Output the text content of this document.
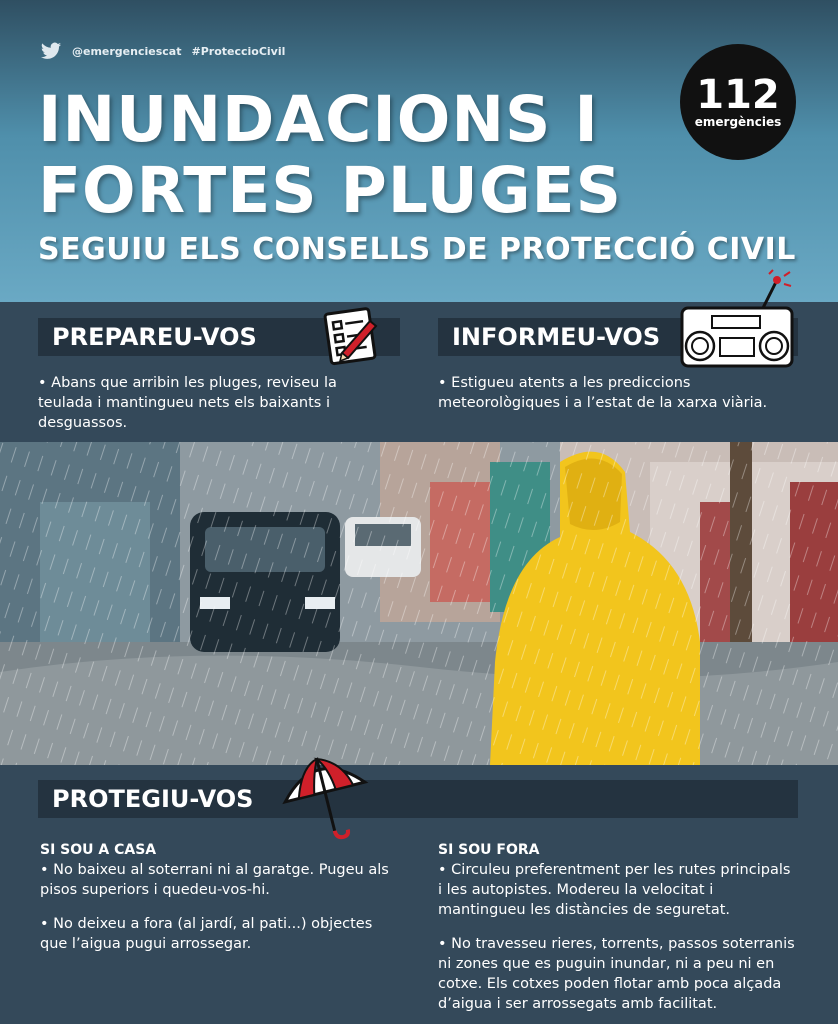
@emergenciescat #ProteccioCivil
INUNDACIONS I
FORTES PLUGES
SEGUIU ELS CONSELLS DE PROTECCIÓ CIVIL
112
emergències
PREPAREU-VOS

• Abans que arribin les pluges, reviseu la teulada i mantingueu nets els baixants i desguassos.

INFORMEU-VOS

• Estigueu atents a les prediccions meteorològiques i a l’estat de la xarxa viària.

PROTEGIU-VOS
SI SOU A CASA

• No baixeu al soterrani ni al garatge. Pugeu als pisos superiors i quedeu-vos-hi.

• No deixeu a fora (al jardí, al pati...) objectes que l’aigua pugui arrossegar.

SI SOU FORA

• Circuleu preferentment per les rutes principals i les autopistes. Modereu la velocitat i mantingueu les distàncies de seguretat.

• No travesseu rieres, torrents, passos soterranis ni zones que es puguin inundar, ni a peu ni en cotxe. Els cotxes poden flotar amb poca alçada d’aigua i ser arrossegats amb facilitat.
